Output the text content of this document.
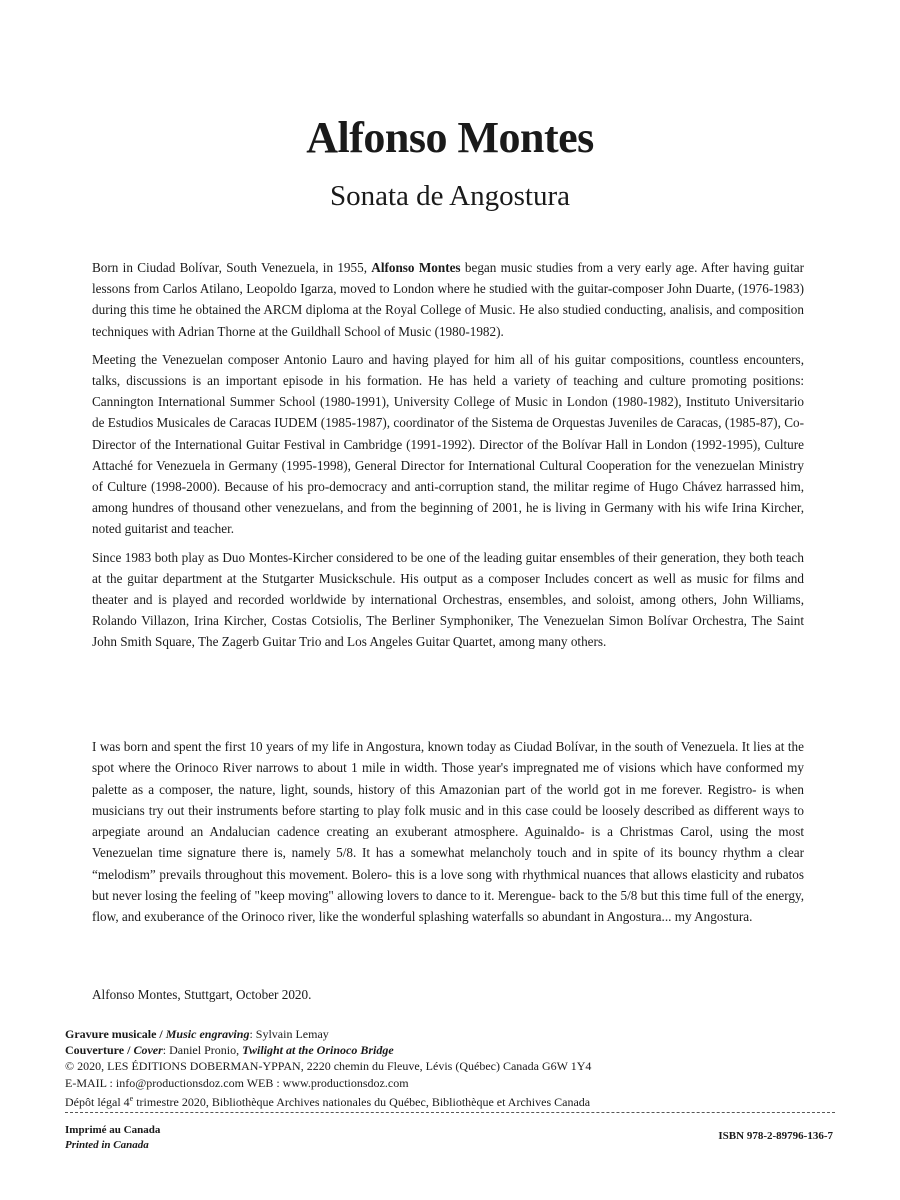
Alfonso Montes
Sonata de Angostura

Born in Ciudad Bolívar, South Venezuela, in 1955, Alfonso Montes began music studies from a very early age. After having guitar lessons from Carlos Atilano, Leopoldo Igarza, moved to London where he studied with the guitar-composer John Duarte, (1976-1983) during this time he obtained the ARCM diploma at the Royal College of Music. He also studied conducting, analisis, and composition techniques with Adrian Thorne at the Guildhall School of Music (1980-1982).

Meeting the Venezuelan composer Antonio Lauro and having played for him all of his guitar compositions, countless encounters, talks, discussions is an important episode in his formation. He has held a variety of teaching and culture promoting positions: Cannington International Summer School (1980-1991), University College of Music in London (1980-1982), Instituto Universitario de Estudios Musicales de Caracas IUDEM (1985-1987), coordinator of the Sistema de Orquestas Juveniles de Caracas, (1985-87), Co-Director of the International Guitar Festival in Cambridge (1991-1992). Director of the Bolívar Hall in London (1992-1995), Culture Attaché for Venezuela in Germany (1995-1998), General Director for International Cultural Cooperation for the venezuelan Ministry of Culture (1998-2000). Because of his pro-democracy and anti-corruption stand, the militar regime of Hugo Chávez harrassed him, among hundres of thousand other venezuelans, and from the beginning of 2001, he is living in Germany with his wife Irina Kircher, noted guitarist and teacher.

Since 1983 both play as Duo Montes-Kircher considered to be one of the leading guitar ensembles of their generation, they both teach at the guitar department at the Stutgarter Musickschule. His output as a composer Includes concert as well as music for films and theater and is played and recorded worldwide by international Orchestras, ensembles, and soloist, among others, John Williams, Rolando Villazon, Irina Kircher, Costas Cotsiolis, The Berliner Symphoniker, The Venezuelan Simon Bolívar Orchestra, The Saint John Smith Square, The Zagerb Guitar Trio and Los Angeles Guitar Quartet, among many others.

I was born and spent the first 10 years of my life in Angostura, known today as Ciudad Bolívar, in the south of Venezuela. It lies at the spot where the Orinoco River narrows to about 1 mile in width. Those year's impregnated me of visions which have conformed my palette as a composer, the nature, light, sounds, history of this Amazonian part of the world got in me forever. Registro- is when musicians try out their instruments before starting to play folk music and in this case could be loosely described as different ways to arpegiate around an Andalucian cadence creating an exuberant atmosphere. Aguinaldo- is a Christmas Carol, using the most Venezuelan time signature there is, namely 5/8. It has a somewhat melancholy touch and in spite of its bouncy rhythm a clear “melodism” prevails throughout this movement. Bolero- this is a love song with rhythmical nuances that allows elasticity and rubatos but never losing the feeling of "keep moving" allowing lovers to dance to it. Merengue- back to the 5/8 but this time full of the energy, flow, and exuberance of the Orinoco river, like the wonderful splashing waterfalls so abundant in Angostura... my Angostura.

Alfonso Montes, Stuttgart, October 2020.

Gravure musicale / Music engraving: Sylvain Lemay
Couverture / Cover: Daniel Pronio, Twilight at the Orinoco Bridge
© 2020, LES ÉDITIONS DOBERMAN-YPPAN, 2220 chemin du Fleuve, Lévis (Québec) Canada G6W 1Y4
E-MAIL : info@productionsdoz.com WEB : www.productionsdoz.com
Dépôt légal 4e trimestre 2020, Bibliothèque Archives nationales du Québec, Bibliothèque et Archives Canada
Imprimé au Canada
Printed in Canada
ISBN 978-2-89796-136-7
